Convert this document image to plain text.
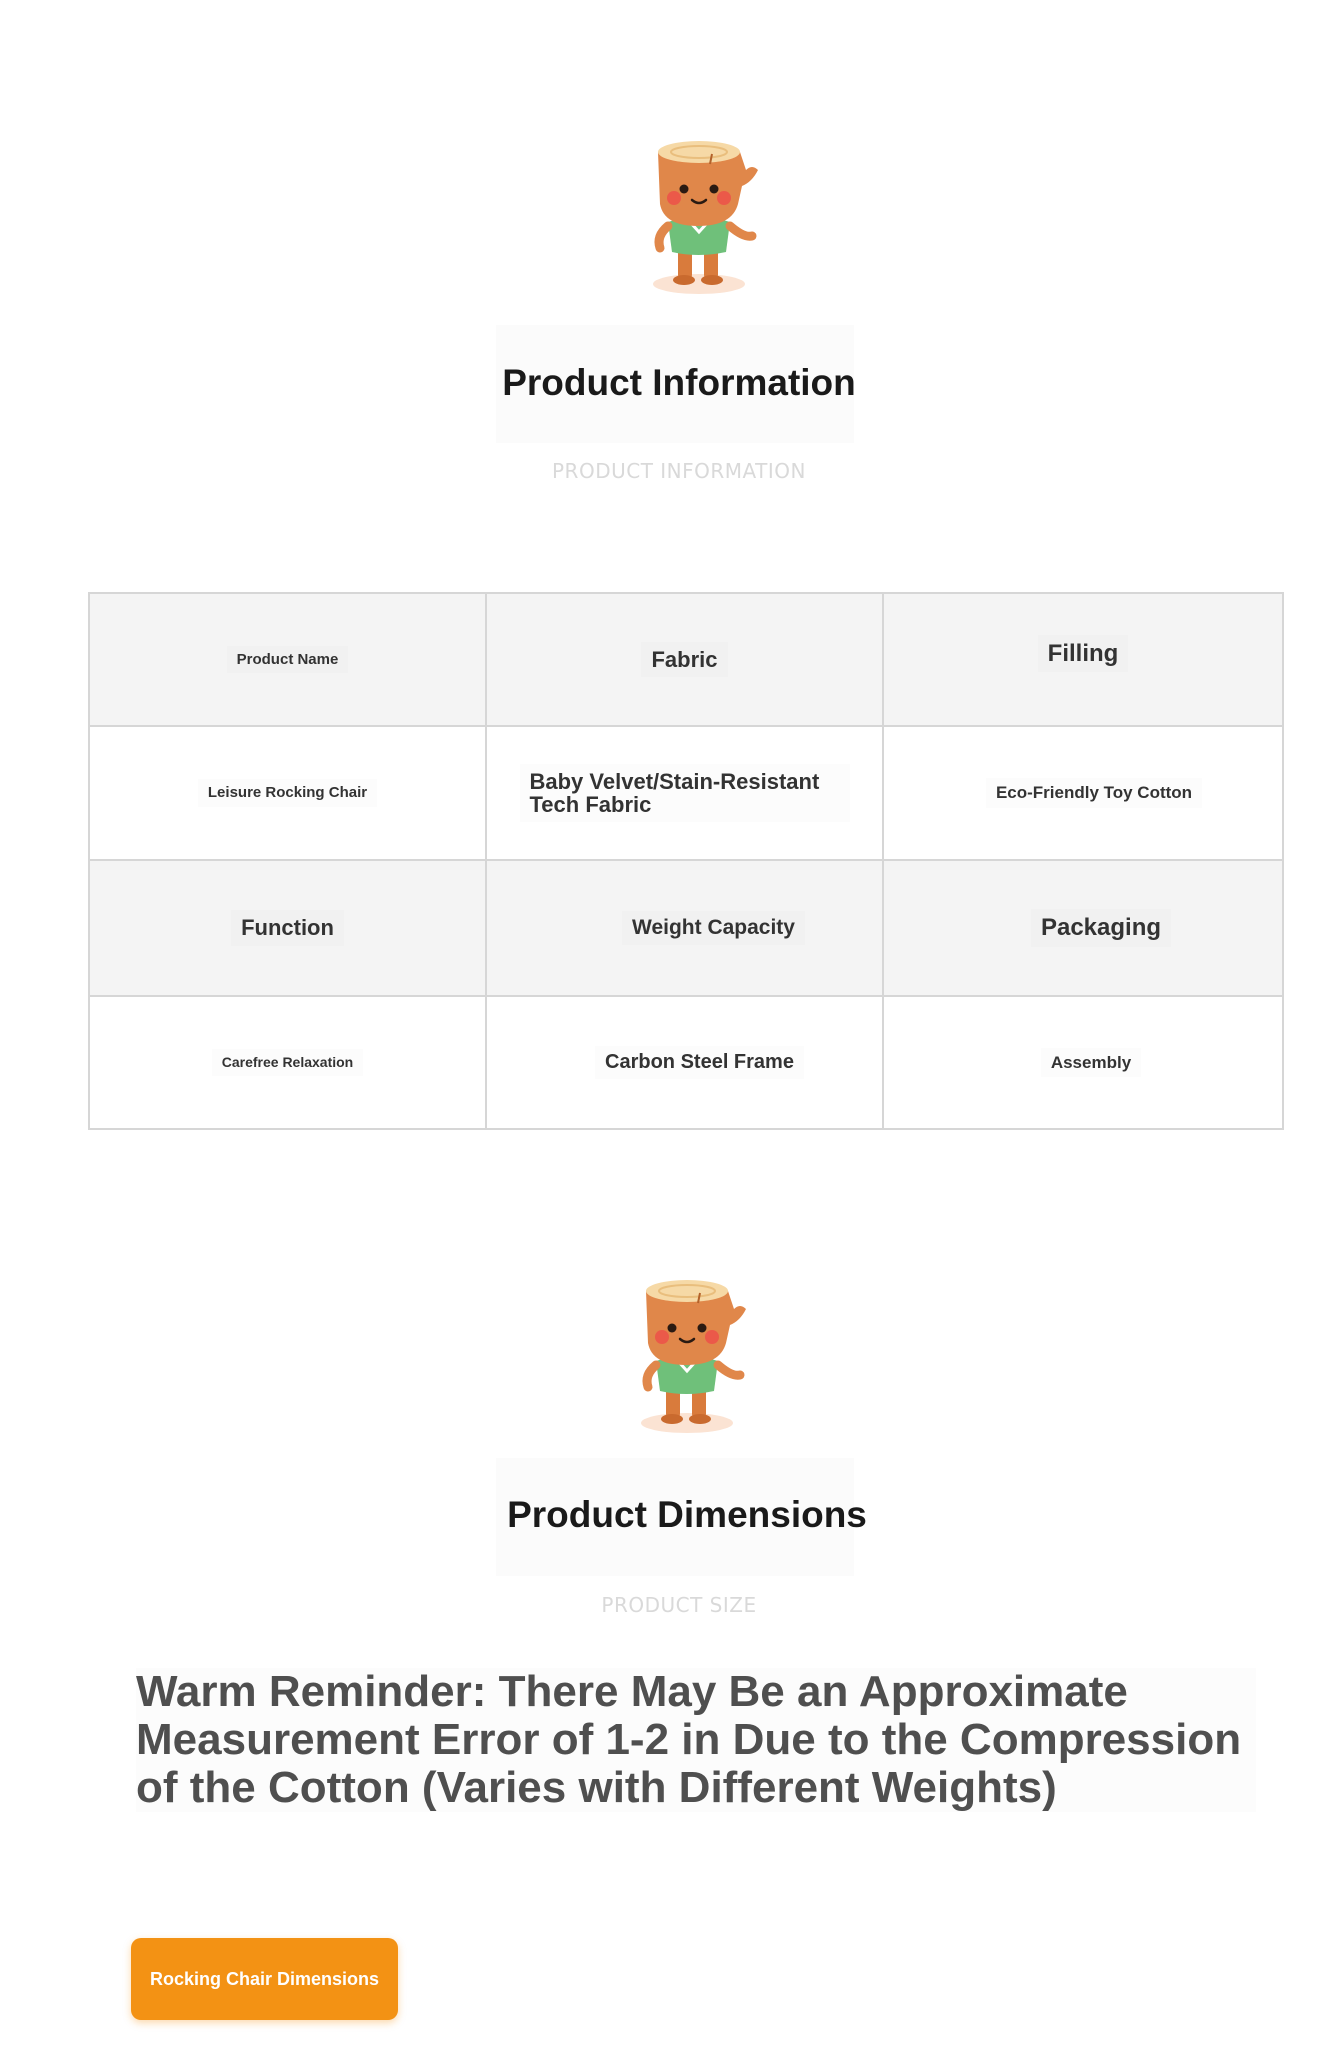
Product Information
PRODUCT INFORMATION
Product Name	Fabric	Filling
Leisure Rocking Chair	Baby Velvet/Stain-Resistant Tech Fabric	Eco-Friendly Toy Cotton
Function	Weight Capacity	Packaging
Carefree Relaxation	Carbon Steel Frame	Assembly
Product Dimensions
PRODUCT SIZE
Warm Reminder: There May Be an Approximate Measurement Error of 1-2 in Due to the Compression of the Cotton (Varies with Different Weights)
Rocking Chair Dimensions
